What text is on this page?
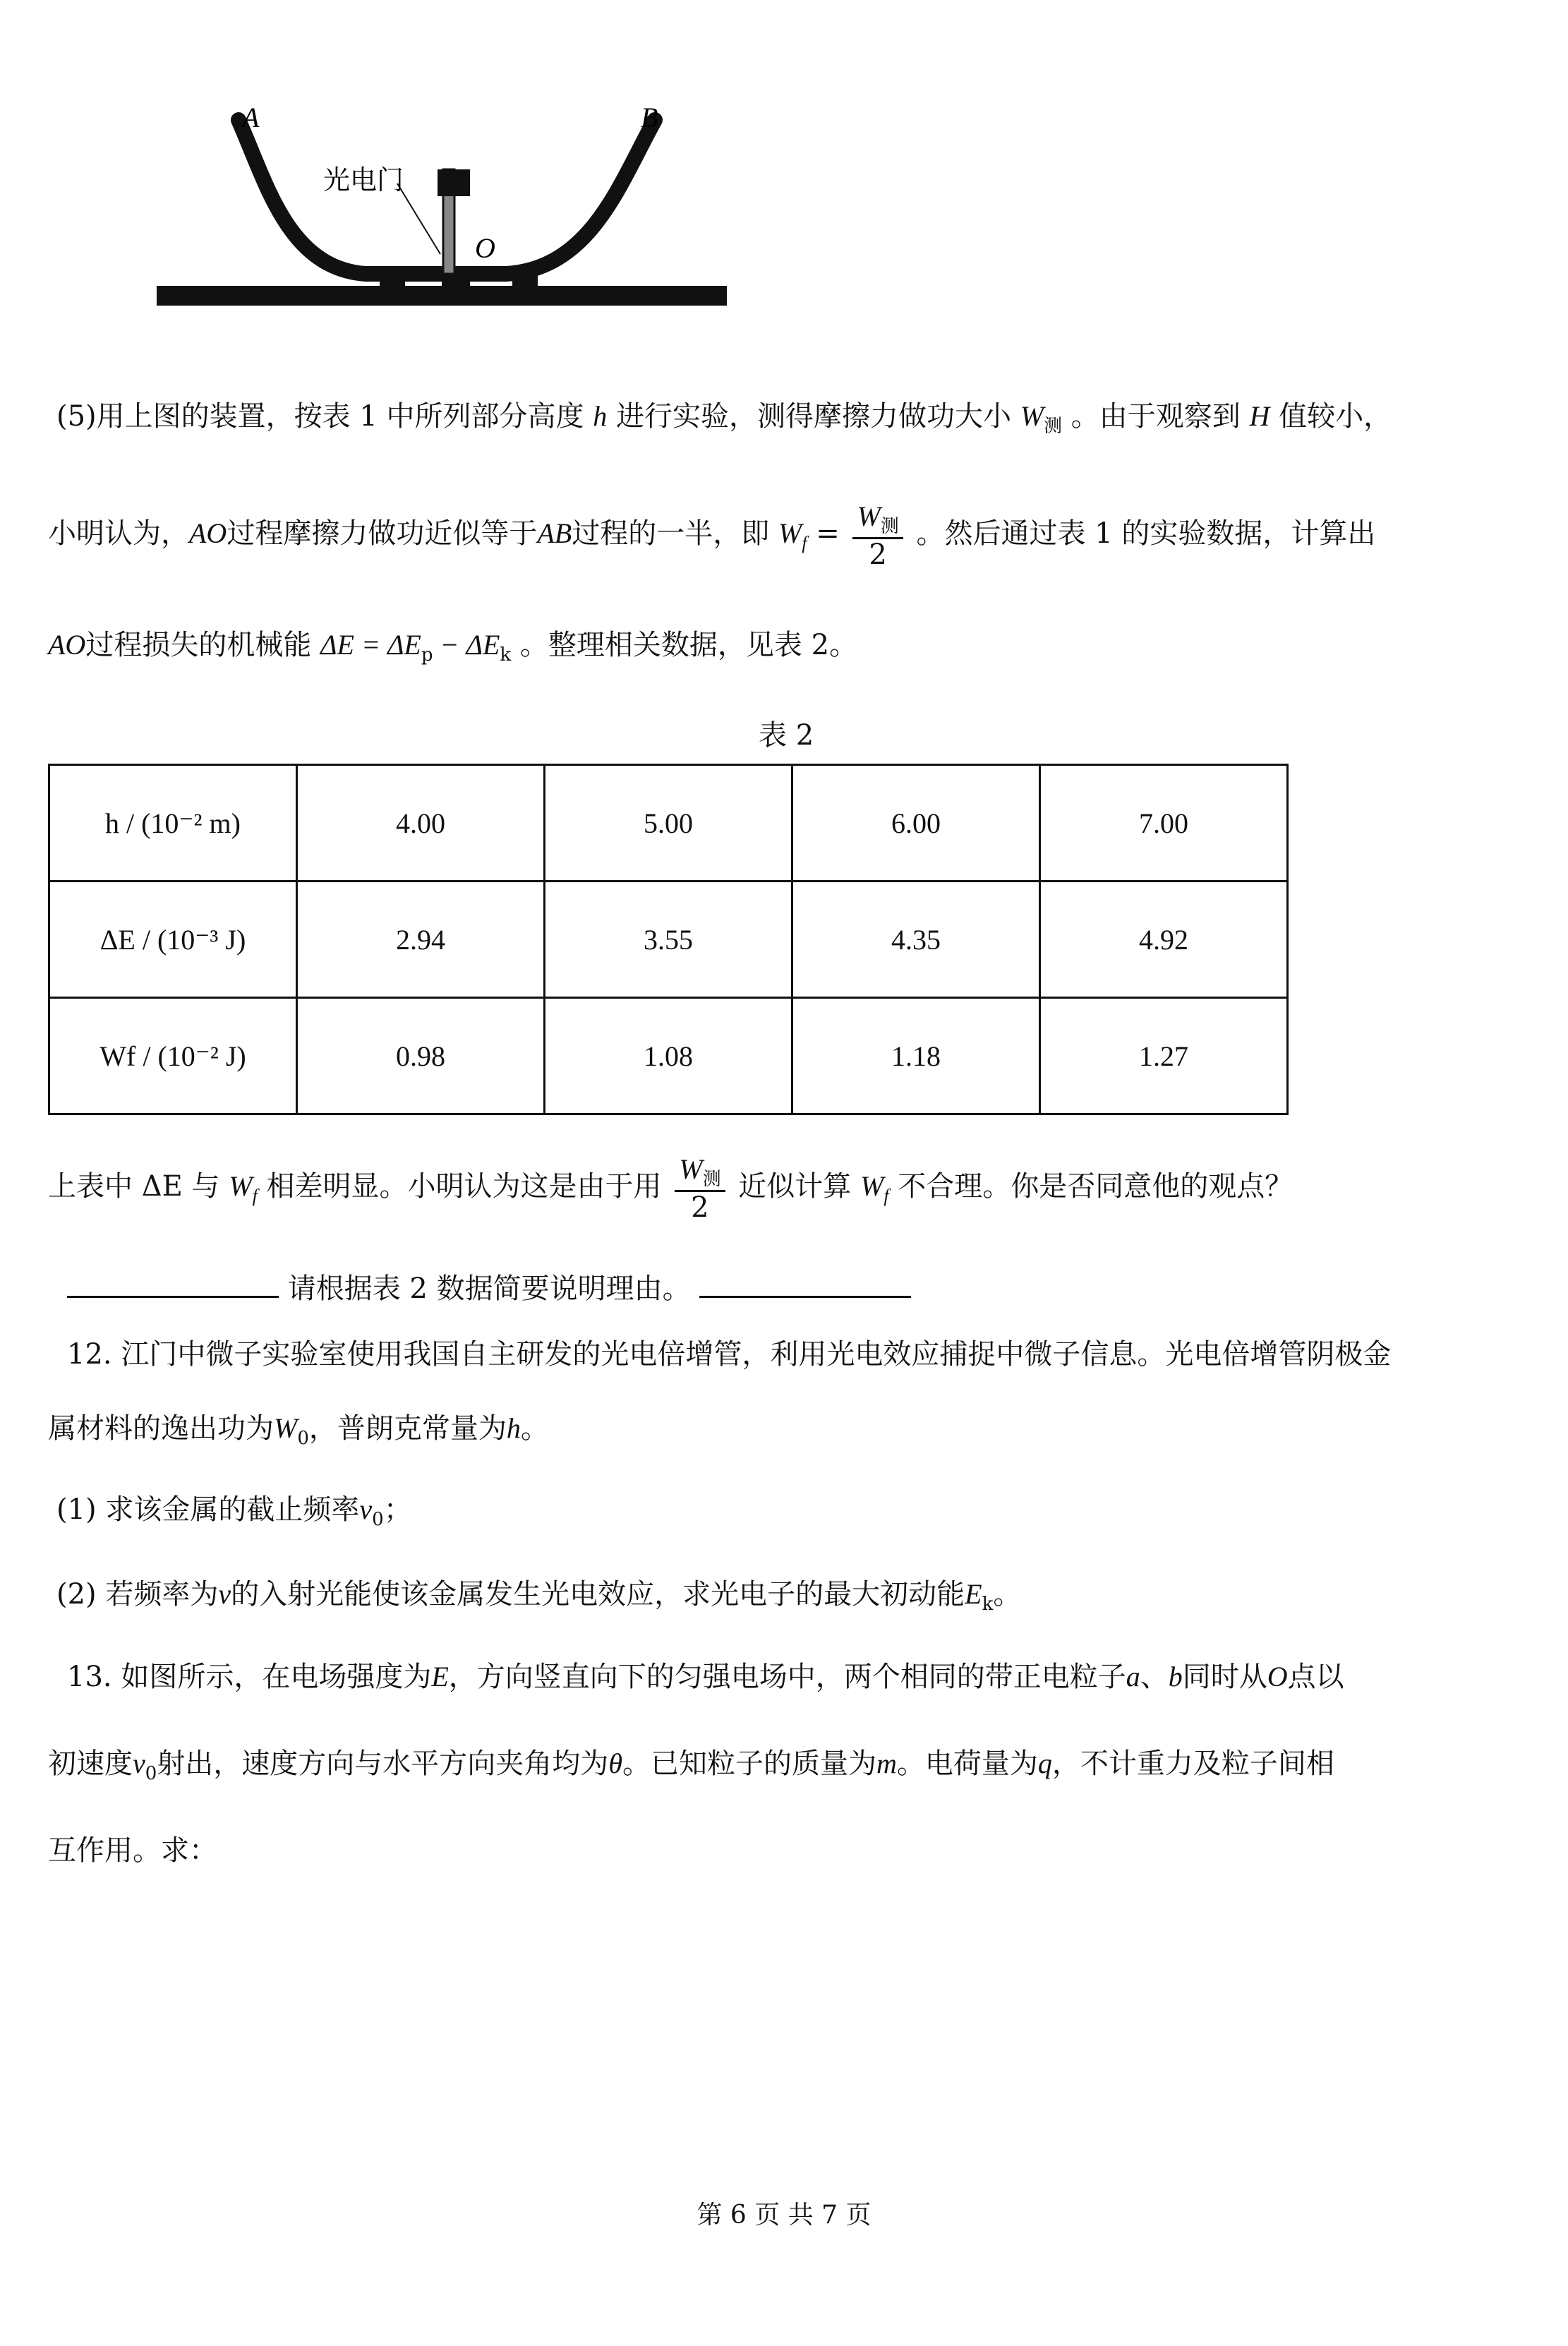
A	B
O
光电门
(5)用上图的装置，按表 1 中所列部分高度 h 进行实验，测得摩擦力做功大小 $W_测$ 。由于观察到 H 值较小，
小明认为，AO过程摩擦力做功近似等于AB过程的一半，即 $W_f = \frac{W_测}{2}$ 。然后通过表 1 的实验数据，计算出
AO过程损失的机械能 $\Delta E = \Delta E_p - \Delta E_k$ 。整理相关数据，见表 2。
表 2
h / (10⁻² m)	4.00	5.00	6.00	7.00
ΔE / (10⁻³ J)	2.94	3.55	4.35	4.92
Wf / (10⁻² J)	0.98	1.08	1.18	1.27
上表中 ΔE 与 $W_f$ 相差明显。小明认为这是由于用 $\frac{W_测}{2}$ 近似计算 $W_f$ 不合理。你是否同意他的观点？
请根据表 2 数据简要说明理由。
12. 江门中微子实验室使用我国自主研发的光电倍增管，利用光电效应捕捉中微子信息。光电倍增管阴极金
属材料的逸出功为$W_0$，普朗克常量为h。
(1) 求该金属的截止频率$\nu_0$；
(2) 若频率为ν的入射光能使该金属发生光电效应，求光电子的最大初动能$E_k$。
13. 如图所示，在电场强度为E，方向竖直向下的匀强电场中，两个相同的带正电粒子a、b同时从O点以
初速度$v_0$射出，速度方向与水平方向夹角均为θ。已知粒子的质量为m。电荷量为q，不计重力及粒子间相
互作用。求：
第 6 页 共 7 页
